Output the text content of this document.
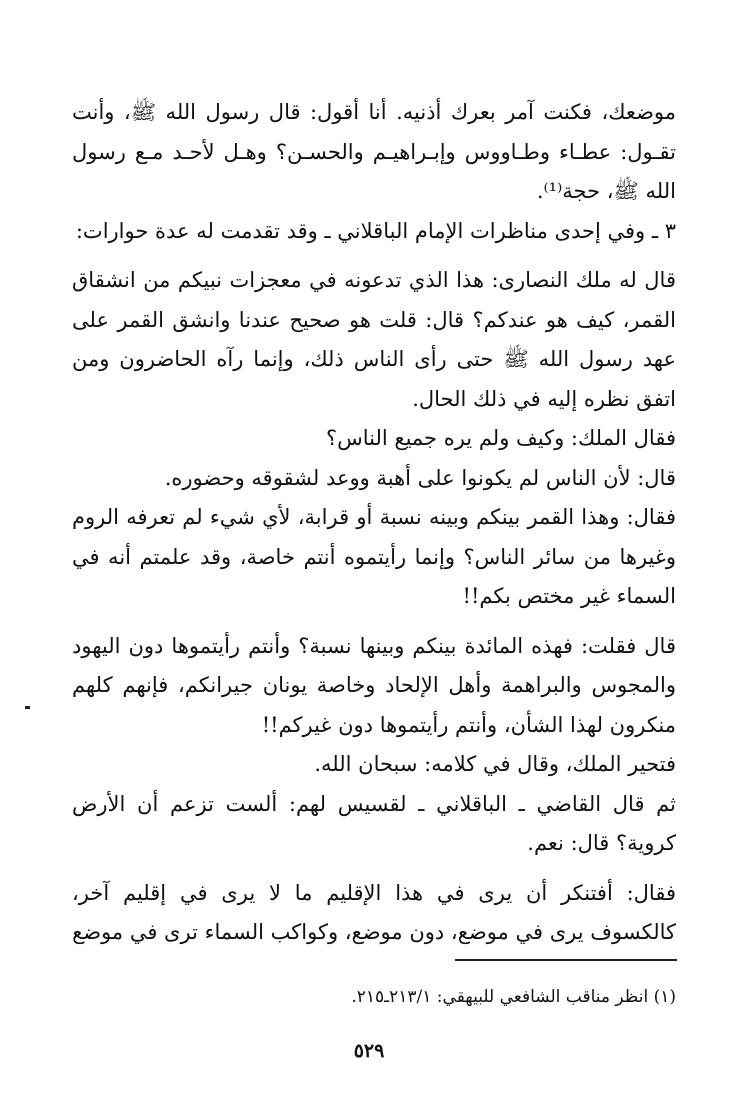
موضعك، فكنت آمر بعرك أذنيه. أنا أقول: قال رسول الله ﷺ، وأنت تقـول: عطـاء وطـاووس وإبـراهيـم والحسـن؟ وهـل لأحـد مـع رسول الله ﷺ، حجة⁽¹⁾.

٣ ـ وفي إحدى مناظرات الإمام الباقلاني ـ وقد تقدمت له عدة حوارات:

قال له ملك النصارى: هذا الذي تدعونه في معجزات نبيكم من انشقاق القمر، كيف هو عندكم؟ قال: قلت هو صحيح عندنا وانشق القمر على عهد رسول الله ﷺ حتى رأى الناس ذلك، وإنما رآه الحاضرون ومن اتفق نظره إليه في ذلك الحال.

فقال الملك: وكيف ولم يره جميع الناس؟

قال: لأن الناس لم يكونوا على أهبة ووعد لشقوقه وحضوره.

فقال: وهذا القمر بينكم وبينه نسبة أو قرابة، لأي شيء لم تعرفه الروم وغيرها من سائر الناس؟ وإنما رأيتموه أنتم خاصة، وقد علمتم أنه في السماء غير مختص بكم!!

قال فقلت: فهذه المائدة بينكم وبينها نسبة؟ وأنتم رأيتموها دون اليهود والمجوس والبراهمة وأهل الإلحاد وخاصة يونان جيرانكم، فإنهم كلهم منكرون لهذا الشأن، وأنتم رأيتموها دون غيركم!!

فتحير الملك، وقال في كلامه: سبحان الله.

ثم قال القاضي ـ الباقلاني ـ لقسيس لهم: ألست تزعم أن الأرض كروية؟ قال: نعم.

فقال: أفتنكر أن يرى في هذا الإقليم ما لا يرى في إقليم آخر، كالكسوف يرى في موضع، دون موضع، وكواكب السماء ترى في موضع

(١) انظر مناقب الشافعي للبيهقي: ٢١٣/١ـ٢١٥.
٥٢٩
